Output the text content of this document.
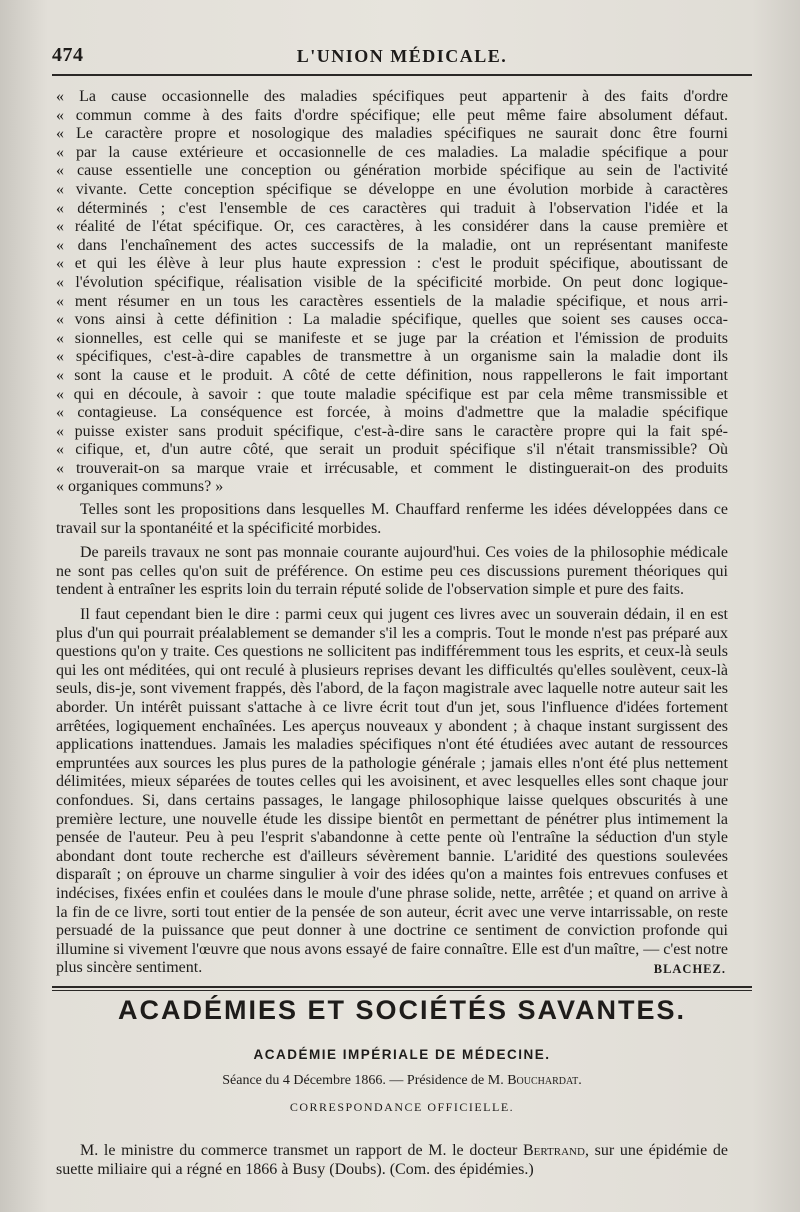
474	L'UNION MÉDICALE.
« La cause occasionnelle des maladies spécifiques peut appartenir à des faits d'ordre
« commun comme à des faits d'ordre spécifique; elle peut même faire absolument défaut.
« Le caractère propre et nosologique des maladies spécifiques ne saurait donc être fourni
« par la cause extérieure et occasionnelle de ces maladies. La maladie spécifique a pour
« cause essentielle une conception ou génération morbide spécifique au sein de l'activité
« vivante. Cette conception spécifique se développe en une évolution morbide à caractères
« déterminés ; c'est l'ensemble de ces caractères qui traduit à l'observation l'idée et la
« réalité de l'état spécifique. Or, ces caractères, à les considérer dans la cause première et
« dans l'enchaînement des actes successifs de la maladie, ont un représentant manifeste
« et qui les élève à leur plus haute expression : c'est le produit spécifique, aboutissant de
« l'évolution spécifique, réalisation visible de la spécificité morbide. On peut donc logique-
« ment résumer en un tous les caractères essentiels de la maladie spécifique, et nous arri-
« vons ainsi à cette définition : La maladie spécifique, quelles que soient ses causes occa-
« sionnelles, est celle qui se manifeste et se juge par la création et l'émission de produits
« spécifiques, c'est-à-dire capables de transmettre à un organisme sain la maladie dont ils
« sont la cause et le produit. A côté de cette définition, nous rappellerons le fait important
« qui en découle, à savoir : que toute maladie spécifique est par cela même transmissible et
« contagieuse. La conséquence est forcée, à moins d'admettre que la maladie spécifique
« puisse exister sans produit spécifique, c'est-à-dire sans le caractère propre qui la fait spé-
« cifique, et, d'un autre côté, que serait un produit spécifique s'il n'était transmissible? Où
« trouverait-on sa marque vraie et irrécusable, et comment le distinguerait-on des produits
« organiques communs? »

Telles sont les propositions dans lesquelles M. Chauffard renferme les idées développées dans ce travail sur la spontanéité et la spécificité morbides.

De pareils travaux ne sont pas monnaie courante aujourd'hui. Ces voies de la philosophie médicale ne sont pas celles qu'on suit de préférence. On estime peu ces discussions purement théoriques qui tendent à entraîner les esprits loin du terrain réputé solide de l'observation simple et pure des faits.

Il faut cependant bien le dire : parmi ceux qui jugent ces livres avec un souverain dédain, il en est plus d'un qui pourrait préalablement se demander s'il les a compris. Tout le monde n'est pas préparé aux questions qu'on y traite. Ces questions ne sollicitent pas indifféremment tous les esprits, et ceux-là seuls qui les ont méditées, qui ont reculé à plusieurs reprises devant les difficultés qu'elles soulèvent, ceux-là seuls, dis-je, sont vivement frappés, dès l'abord, de la façon magistrale avec laquelle notre auteur sait les aborder. Un intérêt puissant s'attache à ce livre écrit tout d'un jet, sous l'influence d'idées fortement arrêtées, logiquement enchaînées. Les aperçus nouveaux y abondent ; à chaque instant surgissent des applications inattendues. Jamais les maladies spécifiques n'ont été étudiées avec autant de ressources empruntées aux sources les plus pures de la pathologie générale ; jamais elles n'ont été plus nettement délimitées, mieux séparées de toutes celles qui les avoisinent, et avec lesquelles elles sont chaque jour confondues. Si, dans certains passages, le langage philosophique laisse quelques obscurités à une première lecture, une nouvelle étude les dissipe bientôt en permettant de pénétrer plus intimement la pensée de l'auteur. Peu à peu l'esprit s'abandonne à cette pente où l'entraîne la séduction d'un style abondant dont toute recherche est d'ailleurs sévèrement bannie. L'aridité des questions soulevées disparaît ; on éprouve un charme singulier à voir des idées qu'on a maintes fois entrevues confuses et indécises, fixées enfin et coulées dans le moule d'une phrase solide, nette, arrêtée ; et quand on arrive à la fin de ce livre, sorti tout entier de la pensée de son auteur, écrit avec une verve intarrissable, on reste persuadé de la puissance que peut donner à une doctrine ce sentiment de conviction profonde qui illumine si vivement l'œuvre que nous avons essayé de faire connaître. Elle est d'un maître, — c'est notre plus sincère sentiment.	BLACHEZ.
ACADÉMIES ET SOCIÉTÉS SAVANTES.
ACADÉMIE IMPÉRIALE DE MÉDECINE.
Séance du 4 Décembre 1866. — Présidence de M. Bouchardat.
CORRESPONDANCE OFFICIELLE.

M. le ministre du commerce transmet un rapport de M. le docteur Bertrand, sur une épidémie de suette miliaire qui a régné en 1866 à Busy (Doubs). (Com. des épidémies.)
